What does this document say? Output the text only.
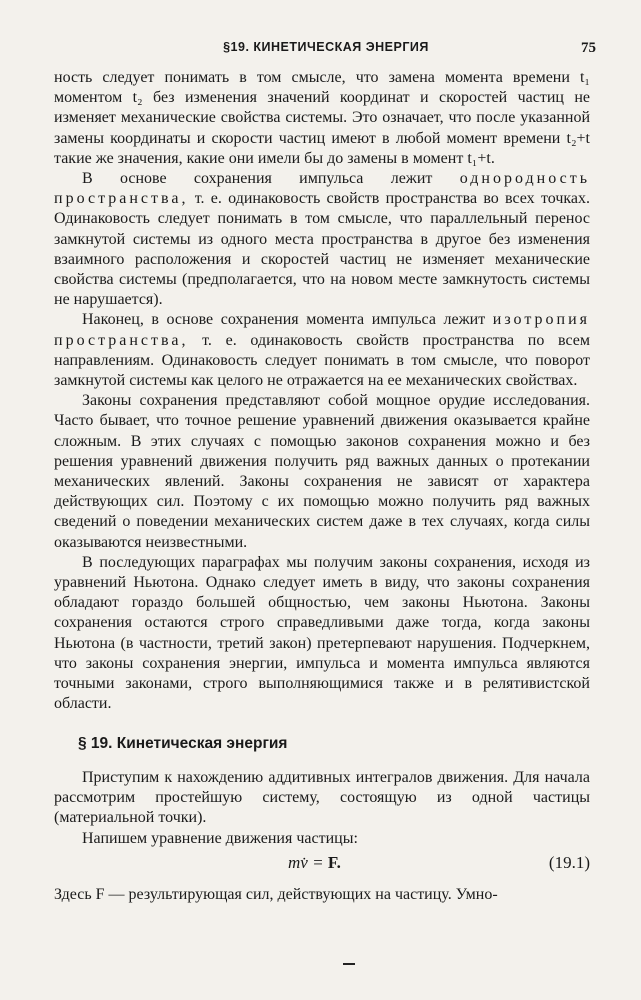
§19. КИНЕТИЧЕСКАЯ ЭНЕРГИЯ	75

ность следует понимать в том смысле, что замена момента времени t₁ моментом t₂ без изменения значений координат и скоростей частиц не изменяет механические свойства системы. Это означает, что после указанной замены координаты и скорости частиц имеют в любой момент времени t₂+t такие же значения, какие они имели бы до замены в момент t₁+t.

В основе сохранения импульса лежит однородность пространства, т. е. одинаковость свойств пространства во всех точках. Одинаковость следует понимать в том смысле, что параллельный перенос замкнутой системы из одного места пространства в другое без изменения взаимного расположения и скоростей частиц не изменяет механические свойства системы (предполагается, что на новом месте замкнутость системы не нарушается).

Наконец, в основе сохранения момента импульса лежит изотропия пространства, т. е. одинаковость свойств пространства по всем направлениям. Одинаковость следует понимать в том смысле, что поворот замкнутой системы как целого не отражается на ее механических свойствах.

Законы сохранения представляют собой мощное орудие исследования. Часто бывает, что точное решение уравнений движения оказывается крайне сложным. В этих случаях с помощью законов сохранения можно и без решения уравнений движения получить ряд важных данных о протекании механических явлений. Законы сохранения не зависят от характера действующих сил. Поэтому с их помощью можно получить ряд важных сведений о поведении механических систем даже в тех случаях, когда силы оказываются неизвестными.

В последующих параграфах мы получим законы сохранения, исходя из уравнений Ньютона. Однако следует иметь в виду, что законы сохранения обладают гораздо большей общностью, чем законы Ньютона. Законы сохранения остаются строго справедливыми даже тогда, когда законы Ньютона (в частности, третий закон) претерпевают нарушения. Подчеркнем, что законы сохранения энергии, импульса и момента импульса являются точными законами, строго выполняющимися также и в релятивистской области.

§ 19. Кинетическая энергия

Приступим к нахождению аддитивных интегралов движения. Для начала рассмотрим простейшую систему, состоящую из одной частицы (материальной точки).

Напишем уравнение движения частицы:

mv̇ = F.	(19.1)
Здесь F — результирующая сил, действующих на частицу. Умно-
